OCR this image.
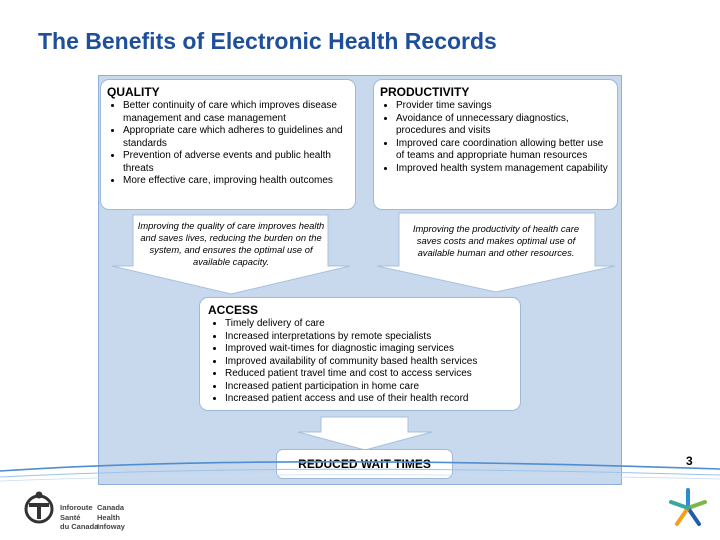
The Benefits of Electronic Health Records
QUALITY
• Better continuity of care which improves disease management and case management
• Appropriate care which adheres to guidelines and standards
• Prevention of adverse events and public health threats
• More effective care, improving health outcomes
PRODUCTIVITY
• Provider time savings
• Avoidance of unnecessary diagnostics, procedures and visits
• Improved care coordination allowing better use of teams and appropriate human resources
• Improved health system management capability
Improving the quality of care improves health and saves lives, reducing the burden on the system, and ensures the optimal use of available capacity.
Improving the productivity of health care saves costs and makes optimal use of available human and other resources.
ACCESS
• Timely delivery of care
• Increased interpretations by remote specialists
• Improved wait-times for diagnostic imaging services
• Improved availability of community based health services
• Reduced patient travel time and cost to access services
• Increased patient participation in home care
• Increased patient access and use of their health record
REDUCED WAIT TIMES	3
Inforoute
Santé
du Canada
Canada
Health
Infoway
